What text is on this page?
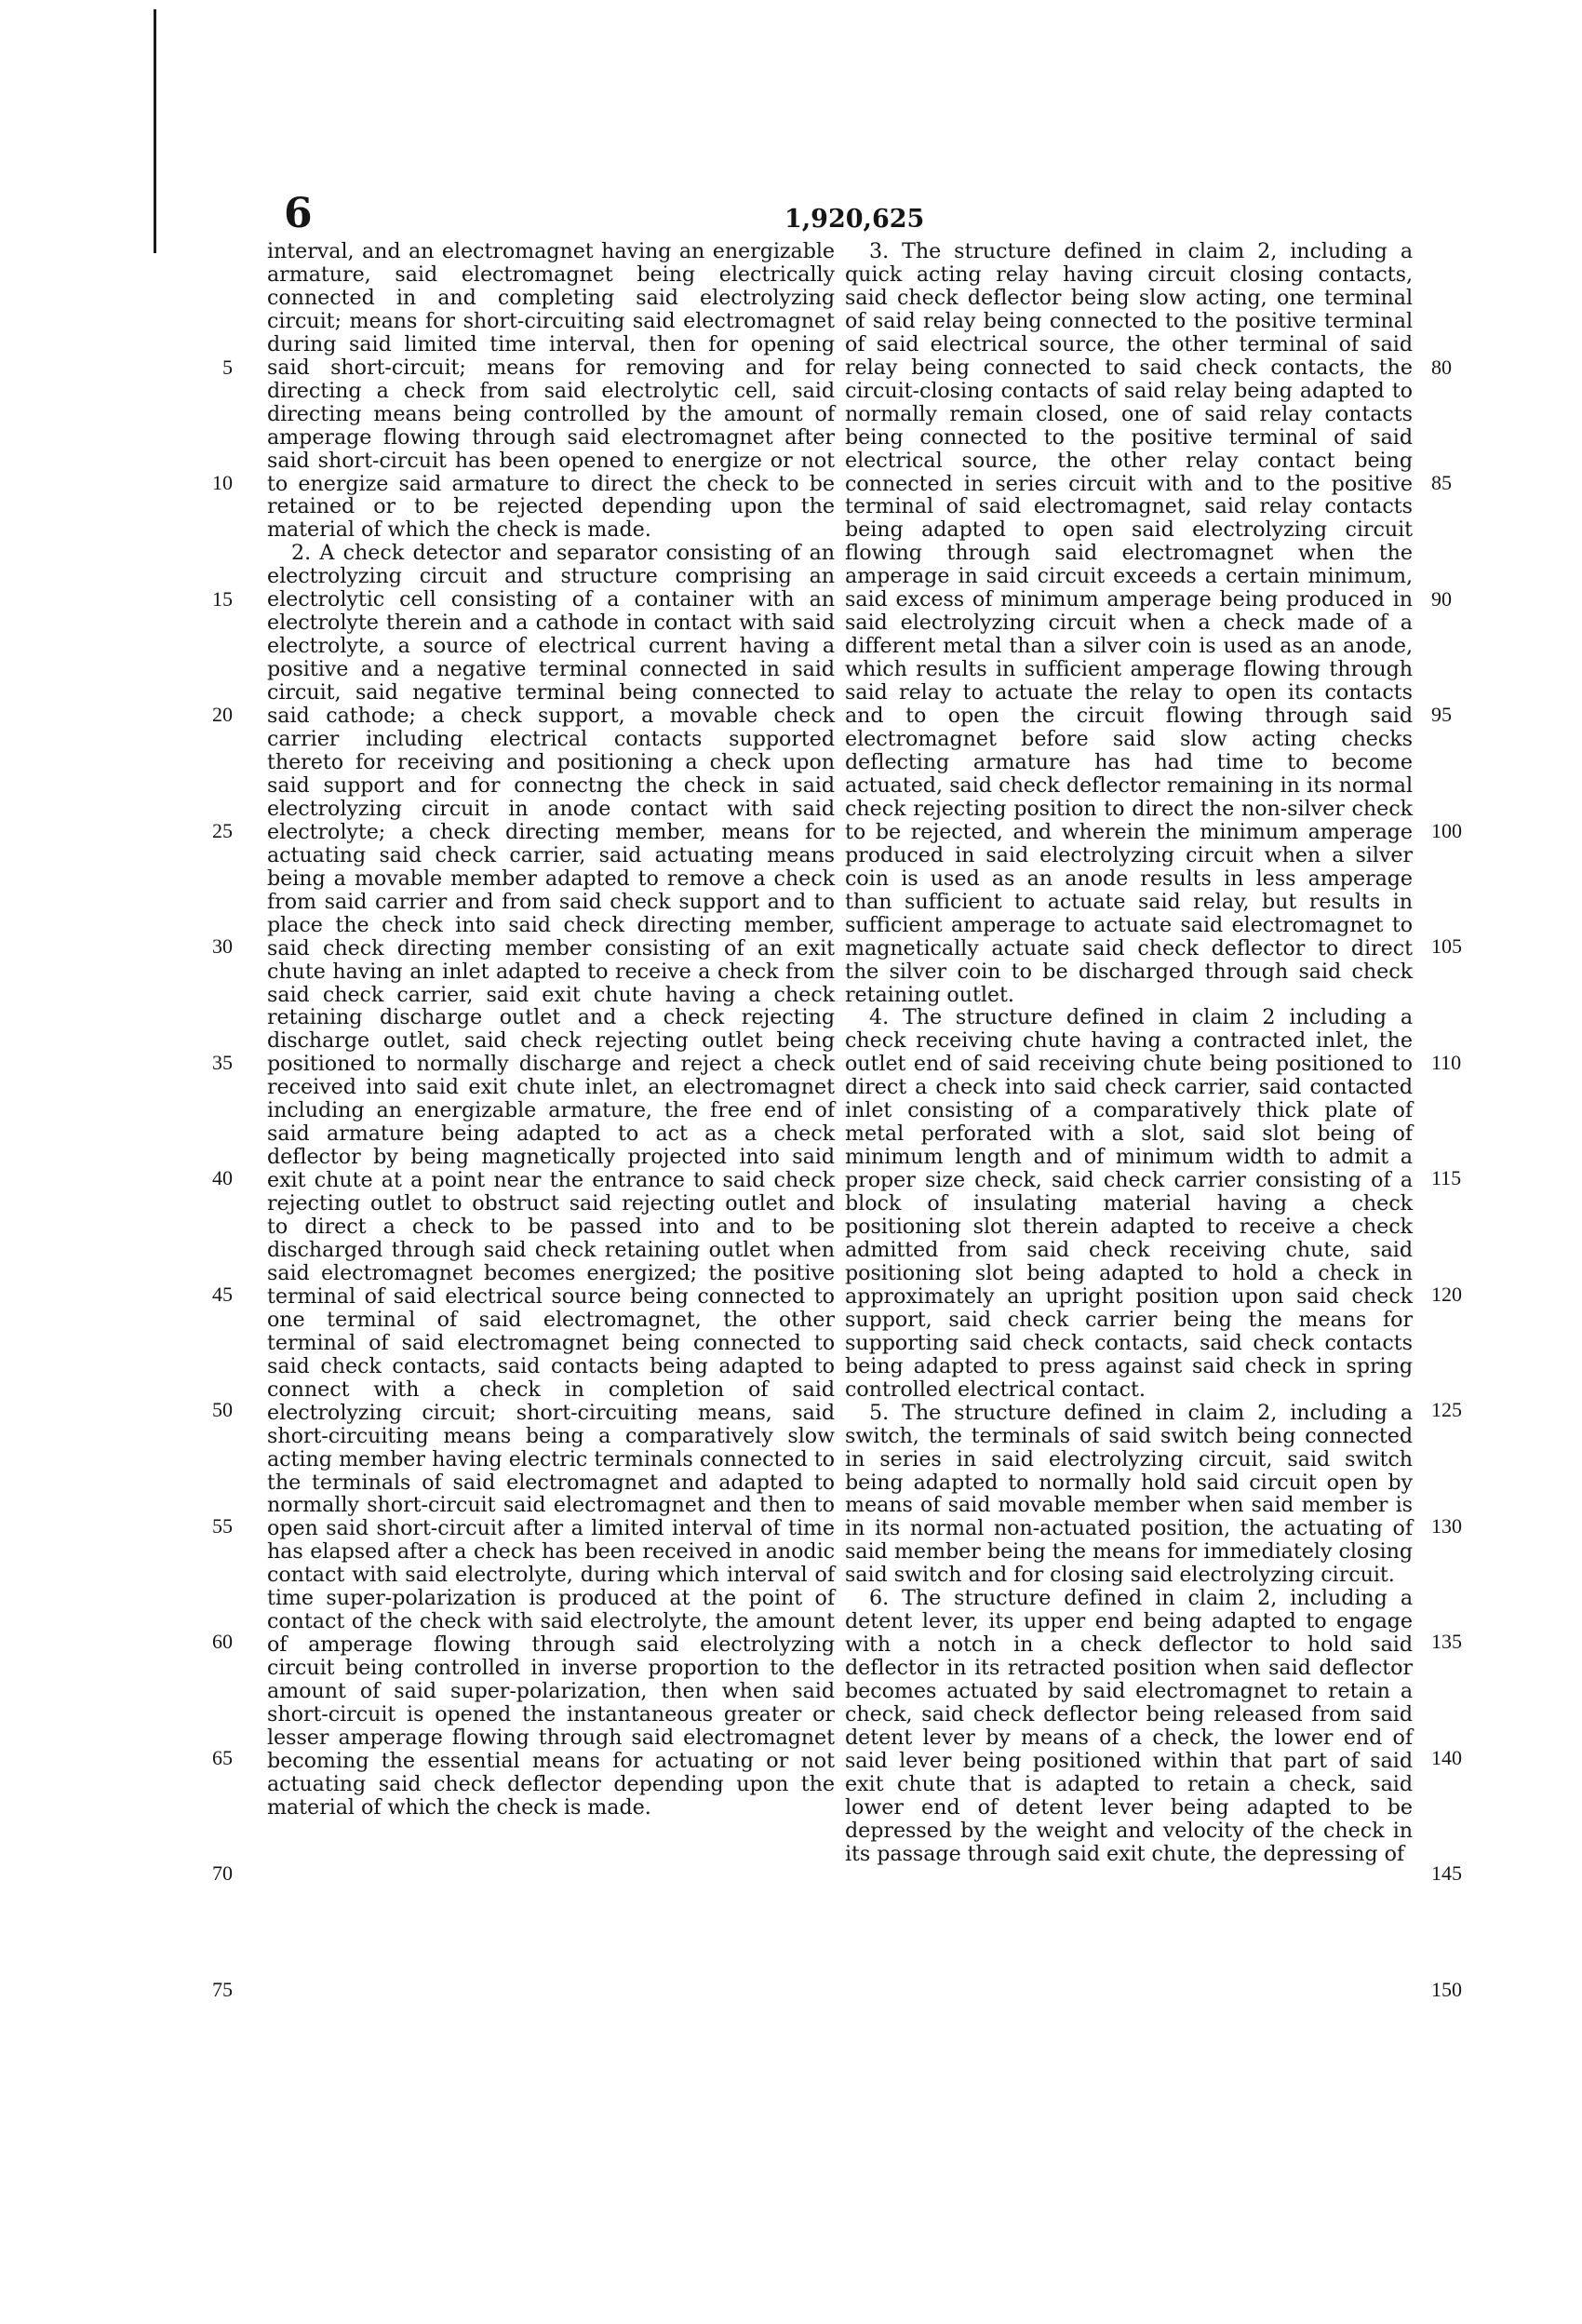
6	1,920,625
5
10
15
20
25
30
35
40
45
50
55
60
65
70
75
80
85
90
95
100
105
110
115
120
125
130
135
140
145
150

interval, and an electromagnet having an energizable armature, said electromagnet being electrically connected in and completing said electrolyzing circuit; means for short-circuiting said electromagnet during said limited time interval, then for opening said short-circuit; means for removing and for directing a check from said electrolytic cell, said directing means being controlled by the amount of amperage flowing through said electromagnet after said short-circuit has been opened to energize or not to energize said armature to direct the check to be retained or to be rejected depending upon the material of which the check is made.

2. A check detector and separator consisting of an electrolyzing circuit and structure comprising an electrolytic cell consisting of a container with an electrolyte therein and a cathode in contact with said electrolyte, a source of electrical current having a positive and a negative terminal connected in said circuit, said negative terminal being connected to said cathode; a check support, a movable check carrier including electrical contacts supported thereto for receiving and positioning a check upon said support and for connectng the check in said electrolyzing circuit in anode contact with said electrolyte; a check directing member, means for actuating said check carrier, said actuating means being a movable member adapted to remove a check from said carrier and from said check support and to place the check into said check directing member, said check directing member consisting of an exit chute having an inlet adapted to receive a check from said check carrier, said exit chute having a check retaining discharge outlet and a check rejecting discharge outlet, said check rejecting outlet being positioned to normally discharge and reject a check received into said exit chute inlet, an electromagnet including an energizable armature, the free end of said armature being adapted to act as a check deflector by being magnetically projected into said exit chute at a point near the entrance to said check rejecting outlet to obstruct said rejecting outlet and to direct a check to be passed into and to be discharged through said check retaining outlet when said electromagnet becomes energized; the positive terminal of said electrical source being connected to one terminal of said electromagnet, the other terminal of said electromagnet being connected to said check contacts, said contacts being adapted to connect with a check in completion of said electrolyzing circuit; short-circuiting means, said short-circuiting means being a comparatively slow acting member having electric terminals connected to the terminals of said electromagnet and adapted to normally short-circuit said electromagnet and then to open said short-circuit after a limited interval of time has elapsed after a check has been received in anodic contact with said electrolyte, during which interval of time super-polarization is produced at the point of contact of the check with said electrolyte, the amount of amperage flowing through said electrolyzing circuit being controlled in inverse proportion to the amount of said super-polarization, then when said short-circuit is opened the instantaneous greater or lesser amperage flowing through said electromagnet becoming the essential means for actuating or not actuating said check deflector depending upon the material of which the check is made.

3. The structure defined in claim 2, including a quick acting relay having circuit closing contacts, said check deflector being slow acting, one terminal of said relay being connected to the positive terminal of said electrical source, the other terminal of said relay being connected to said check contacts, the circuit-closing contacts of said relay being adapted to normally remain closed, one of said relay contacts being connected to the positive terminal of said electrical source, the other relay contact being connected in series circuit with and to the positive terminal of said electromagnet, said relay contacts being adapted to open said electrolyzing circuit flowing through said electromagnet when the amperage in said circuit exceeds a certain minimum, said excess of minimum amperage being produced in said electrolyzing circuit when a check made of a different metal than a silver coin is used as an anode, which results in sufficient amperage flowing through said relay to actuate the relay to open its contacts and to open the circuit flowing through said electromagnet before said slow acting checks deflecting armature has had time to become actuated, said check deflector remaining in its normal check rejecting position to direct the non-silver check to be rejected, and wherein the minimum amperage produced in said electrolyzing circuit when a silver coin is used as an anode results in less amperage than sufficient to actuate said relay, but results in sufficient amperage to actuate said electromagnet to magnetically actuate said check deflector to direct the silver coin to be discharged through said check retaining outlet.

4. The structure defined in claim 2 including a check receiving chute having a contracted inlet, the outlet end of said receiving chute being positioned to direct a check into said check carrier, said contacted inlet consisting of a comparatively thick plate of metal perforated with a slot, said slot being of minimum length and of minimum width to admit a proper size check, said check carrier consisting of a block of insulating material having a check positioning slot therein adapted to receive a check admitted from said check receiving chute, said positioning slot being adapted to hold a check in approximately an upright position upon said check support, said check carrier being the means for supporting said check contacts, said check contacts being adapted to press against said check in spring controlled electrical contact.

5. The structure defined in claim 2, including a switch, the terminals of said switch being connected in series in said electrolyzing circuit, said switch being adapted to normally hold said circuit open by means of said movable member when said member is in its normal non-actuated position, the actuating of said member being the means for immediately closing said switch and for closing said electrolyzing circuit.

6. The structure defined in claim 2, including a detent lever, its upper end being adapted to engage with a notch in a check deflector to hold said deflector in its retracted position when said deflector becomes actuated by said electromagnet to retain a check, said check deflector being released from said detent lever by means of a check, the lower end of said lever being positioned within that part of said exit chute that is adapted to retain a check, said lower end of detent lever being adapted to be depressed by the weight and velocity of the check in its passage through said exit chute, the depressing of
